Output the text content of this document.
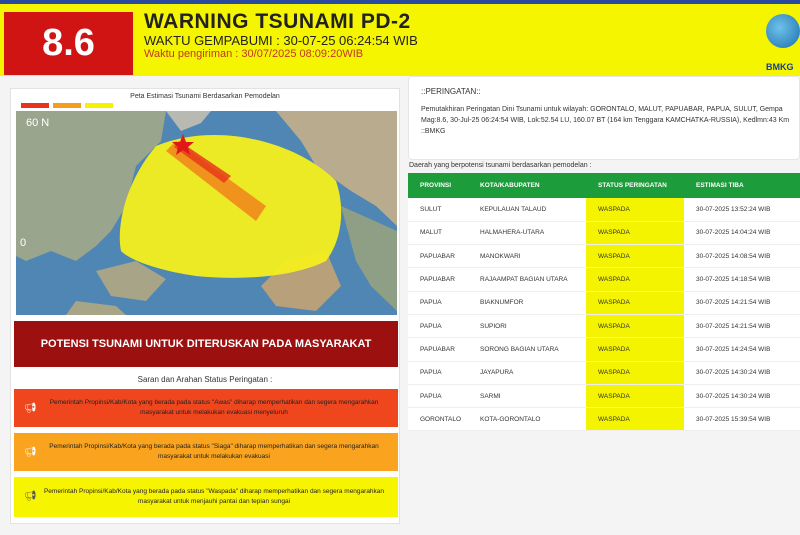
8.6
WARNING TSUNAMI PD-2
WAKTU GEMPABUMI : 30-07-25 06:24:54 WIB
Waktu pengiriman : 30/07/2025 08:09:20WIB
BMKG
Peta Estimasi Tsunami Berdasarkan Pemodelan
60 N
0
POTENSI TSUNAMI UNTUK DITERUSKAN PADA MASYARAKAT
Saran dan Arahan Status Peringatan :
📢︎
Pemerintah Propinsi/Kab/Kota yang berada pada status "Awas" diharap memperhatikan dan segera mengarahkan masyarakat untuk melakukan evakuasi menyeluruh
📢︎
Pemerintah Propinsi/Kab/Kota yang berada pada status "Siaga" diharap memperhatikan dan segera mengarahkan masyarakat untuk melakukan evakuasi
📢︎	Pemerintah Propinsi/Kab/Kota yang berada pada status "Waspada" diharap memperhatikan dan segera mengarahkan masyarakat untuk menjauhi pantai dan tepian sungai
::PERINGATAN::
Pemutakhiran Peringatan Dini Tsunami untuk wilayah: GORONTALO, MALUT, PAPUABAR, PAPUA, SULUT, Gempa Mag:8.6, 30-Jul-25 06:24:54 WIB, Lok:52.54 LU, 160.07 BT (164 km Tenggara KAMCHATKA-RUSSIA), Kedlmn:43 Km ::BMKG
Daerah yang berpotensi tsunami berdasarkan pemodelan :
PROVINSI	KOTA/KABUPATEN	STATUS PERINGATAN	ESTIMASI TIBA
SULUT	KEPULAUAN TALAUD	WASPADA	30-07-2025 13:52:24 WIB
MALUT	HALMAHERA-UTARA	WASPADA	30-07-2025 14:04:24 WIB
PAPUABAR	MANOKWARI	WASPADA	30-07-2025 14:08:54 WIB
PAPUABAR	RAJAAMPAT BAGIAN UTARA	WASPADA	30-07-2025 14:18:54 WIB
PAPUA	BIAKNUMFOR	WASPADA	30-07-2025 14:21:54 WIB
PAPUA	SUPIORI	WASPADA	30-07-2025 14:21:54 WIB
PAPUABAR	SORONG BAGIAN UTARA	WASPADA	30-07-2025 14:24:54 WIB
PAPUA	JAYAPURA	WASPADA	30-07-2025 14:30:24 WIB
PAPUA	SARMI	WASPADA	30-07-2025 14:30:24 WIB
GORONTALO	KOTA-GORONTALO	WASPADA	30-07-2025 15:39:54 WIB
